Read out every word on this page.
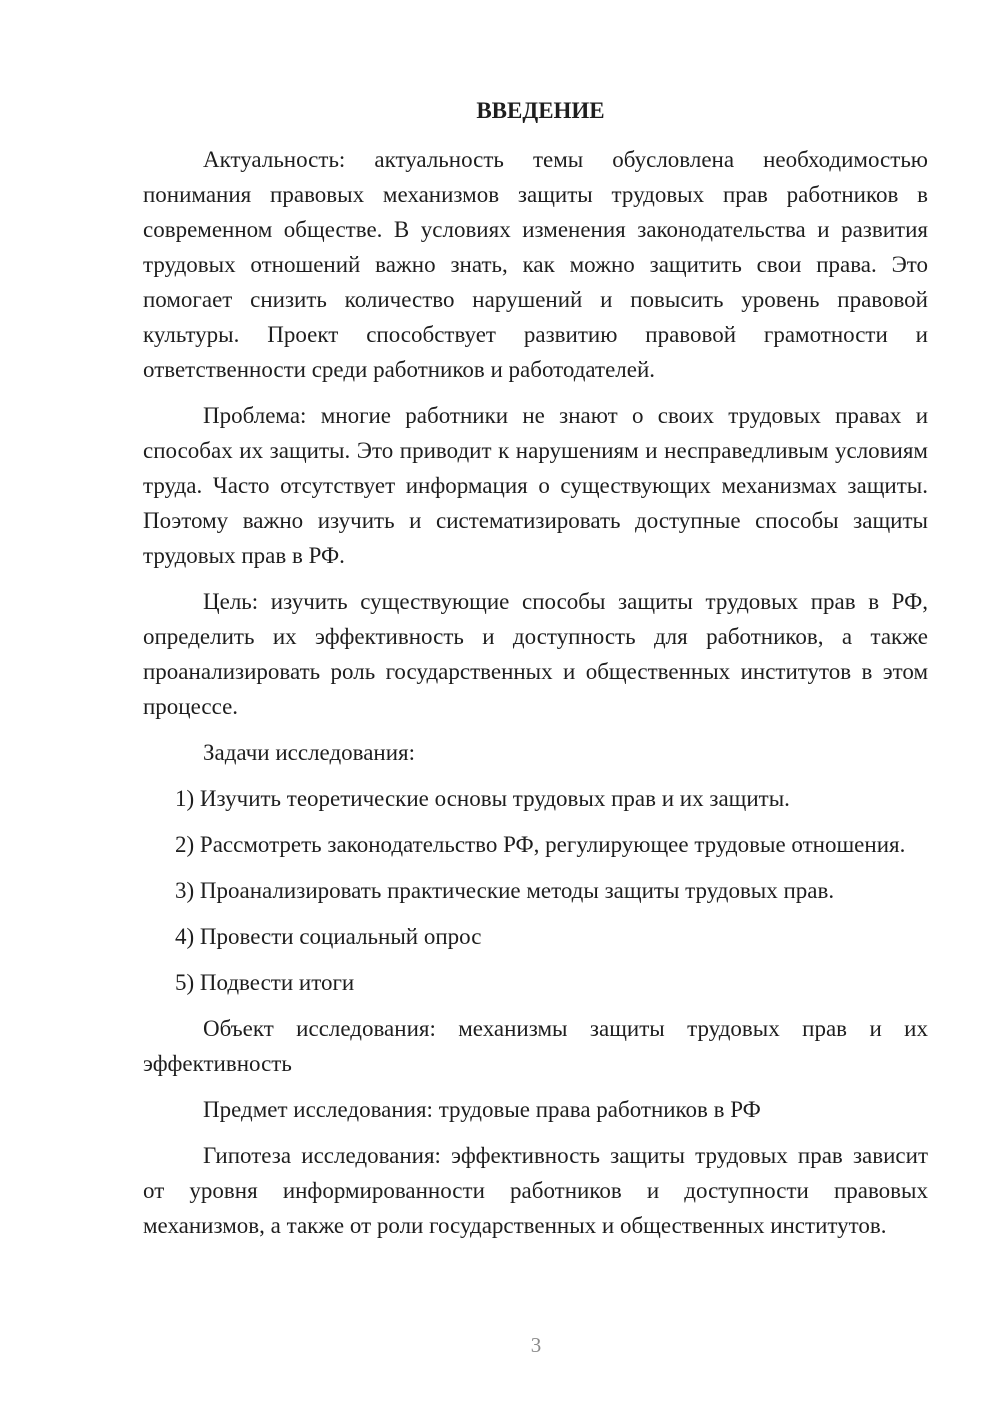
ВВЕДЕНИЕ

Актуальность: актуальность темы обусловлена необходимостью понимания правовых механизмов защиты трудовых прав работников в современном обществе. В условиях изменения законодательства и развития трудовых отношений важно знать, как можно защитить свои права. Это помогает снизить количество нарушений и повысить уровень правовой культуры. Проект способствует развитию правовой грамотности и ответственности среди работников и работодателей.

Проблема: многие работники не знают о своих трудовых правах и способах их защиты. Это приводит к нарушениям и несправедливым условиям труда. Часто отсутствует информация о существующих механизмах защиты. Поэтому важно изучить и систематизировать доступные способы защиты трудовых прав в РФ.

Цель: изучить существующие способы защиты трудовых прав в РФ, определить их эффективность и доступность для работников, а также проанализировать роль государственных и общественных институтов в этом процессе.

Задачи исследования:

1) Изучить теоретические основы трудовых прав и их защиты.

2) Рассмотреть законодательство РФ, регулирующее трудовые отношения.

3) Проанализировать практические методы защиты трудовых прав.

4) Провести социальный опрос

5) Подвести итоги

Объект исследования: механизмы защиты трудовых прав и их эффективность

Предмет исследования: трудовые права работников в РФ

Гипотеза исследования: эффективность защиты трудовых прав зависит от уровня информированности работников и доступности правовых механизмов, а также от роли государственных и общественных институтов.

3
